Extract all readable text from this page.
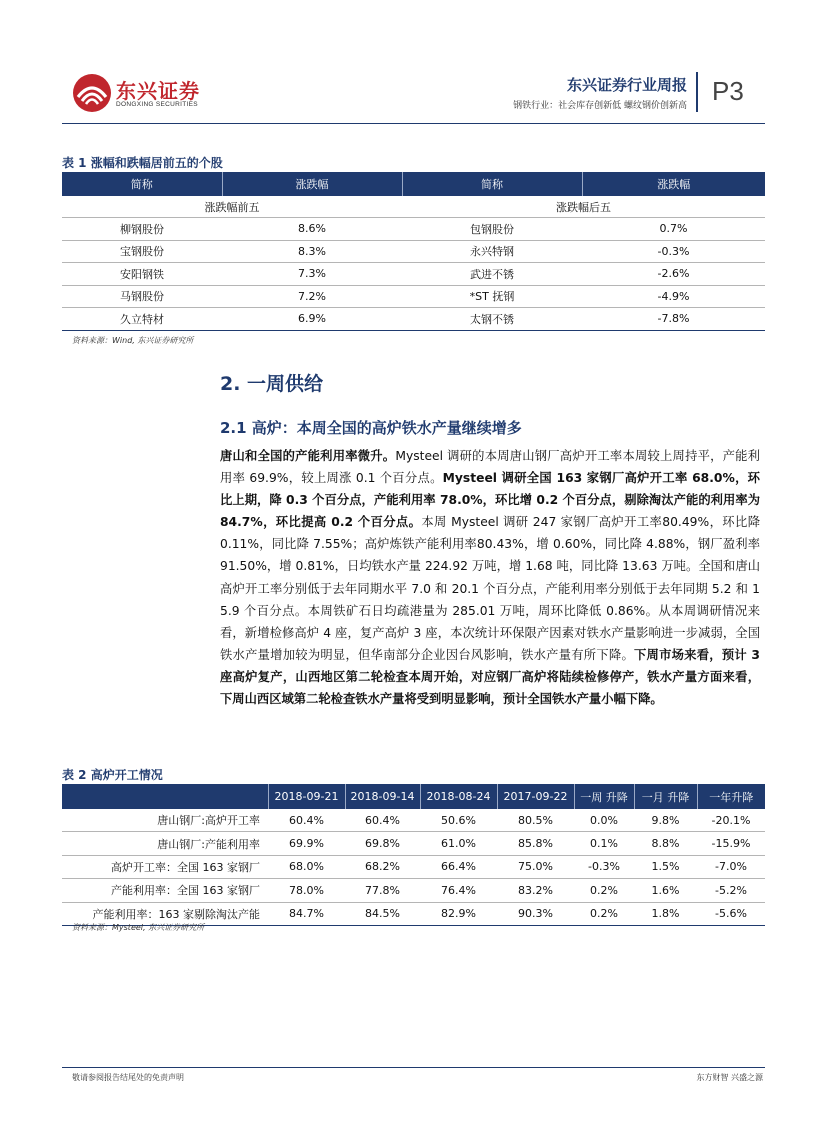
东兴证券
DONGXING SECURITIES
东兴证券行业周报
钢铁行业：社会库存创新低 螺纹钢价创新高 P3
表 1 涨幅和跌幅居前五的个股
简称	涨跌幅	简称	涨跌幅
涨跌幅前五		涨跌幅后五	
柳钢股份	8.6%	包钢股份	0.7%
宝钢股份	8.3%	永兴特钢	-0.3%
安阳钢铁	7.3%	武进不锈	-2.6%
马钢股份	7.2%	*ST 抚钢	-4.9%
久立特材	6.9%	太钢不锈	-7.8%
资料来源：Wind, 东兴证券研究所
2. 一周供给
2.1 高炉：本周全国的高炉铁水产量继续增多
唐山和全国的产能利用率微升。Mysteel 调研的本周唐山钢厂高炉开工率本周较上周持平，产能利用率 69.9%，较上周涨 0.1 个百分点。Mysteel 调研全国 163 家钢厂高炉开工率 68.0%，环比上期，降 0.3 个百分点，产能利用率 78.0%，环比增 0.2 个百分点，剔除淘汰产能的利用率为 84.7%，环比提高 0.2 个百分点。本周 Mysteel 调研 247 家钢厂高炉开工率80.49%，环比降 0.11%，同比降 7.55%；高炉炼铁产能利用率80.43%，增 0.60%，同比降 4.88%，钢厂盈利率 91.50%，增 0.81%，日均铁水产量 224.92 万吨，增 1.68 吨，同比降 13.63 万吨。全国和唐山高炉开工率分别低于去年同期水平 7.0 和 20.1 个百分点，产能利用率分别低于去年同期 5.2 和 15.9 个百分点。本周铁矿石日均疏港量为 285.01 万吨，周环比降低 0.86%。从本周调研情况来看，新增检修高炉 4 座，复产高炉 3 座，本次统计环保限产因素对铁水产量影响进一步减弱，全国铁水产量增加较为明显，但华南部分企业因台风影响，铁水产量有所下降。下周市场来看，预计 3 座高炉复产，山西地区第二轮检查本周开始，对应钢厂高炉将陆续检修停产，铁水产量方面来看，下周山西区域第二轮检查铁水产量将受到明显影响，预计全国铁水产量小幅下降。
表 2 高炉开工情况
	2018-09-21	2018-09-14	2018-08-24	2017-09-22	一周 升降	一月 升降	一年升降
唐山钢厂:高炉开工率	60.4%	60.4%	50.6%	80.5%	0.0%	9.8%	-20.1%
唐山钢厂:产能利用率	69.9%	69.8%	61.0%	85.8%	0.1%	8.8%	-15.9%
高炉开工率：全国 163 家钢厂	68.0%	68.2%	66.4%	75.0%	-0.3%	1.5%	-7.0%
产能利用率：全国 163 家钢厂	78.0%	77.8%	76.4%	83.2%	0.2%	1.6%	-5.2%
产能利用率：163 家剔除淘汰产能	84.7%	84.5%	82.9%	90.3%	0.2%	1.8%	-5.6%
资料来源：Mysteel, 东兴证券研究所
敬请参阅报告结尾处的免责声明	东方财智 兴盛之源
